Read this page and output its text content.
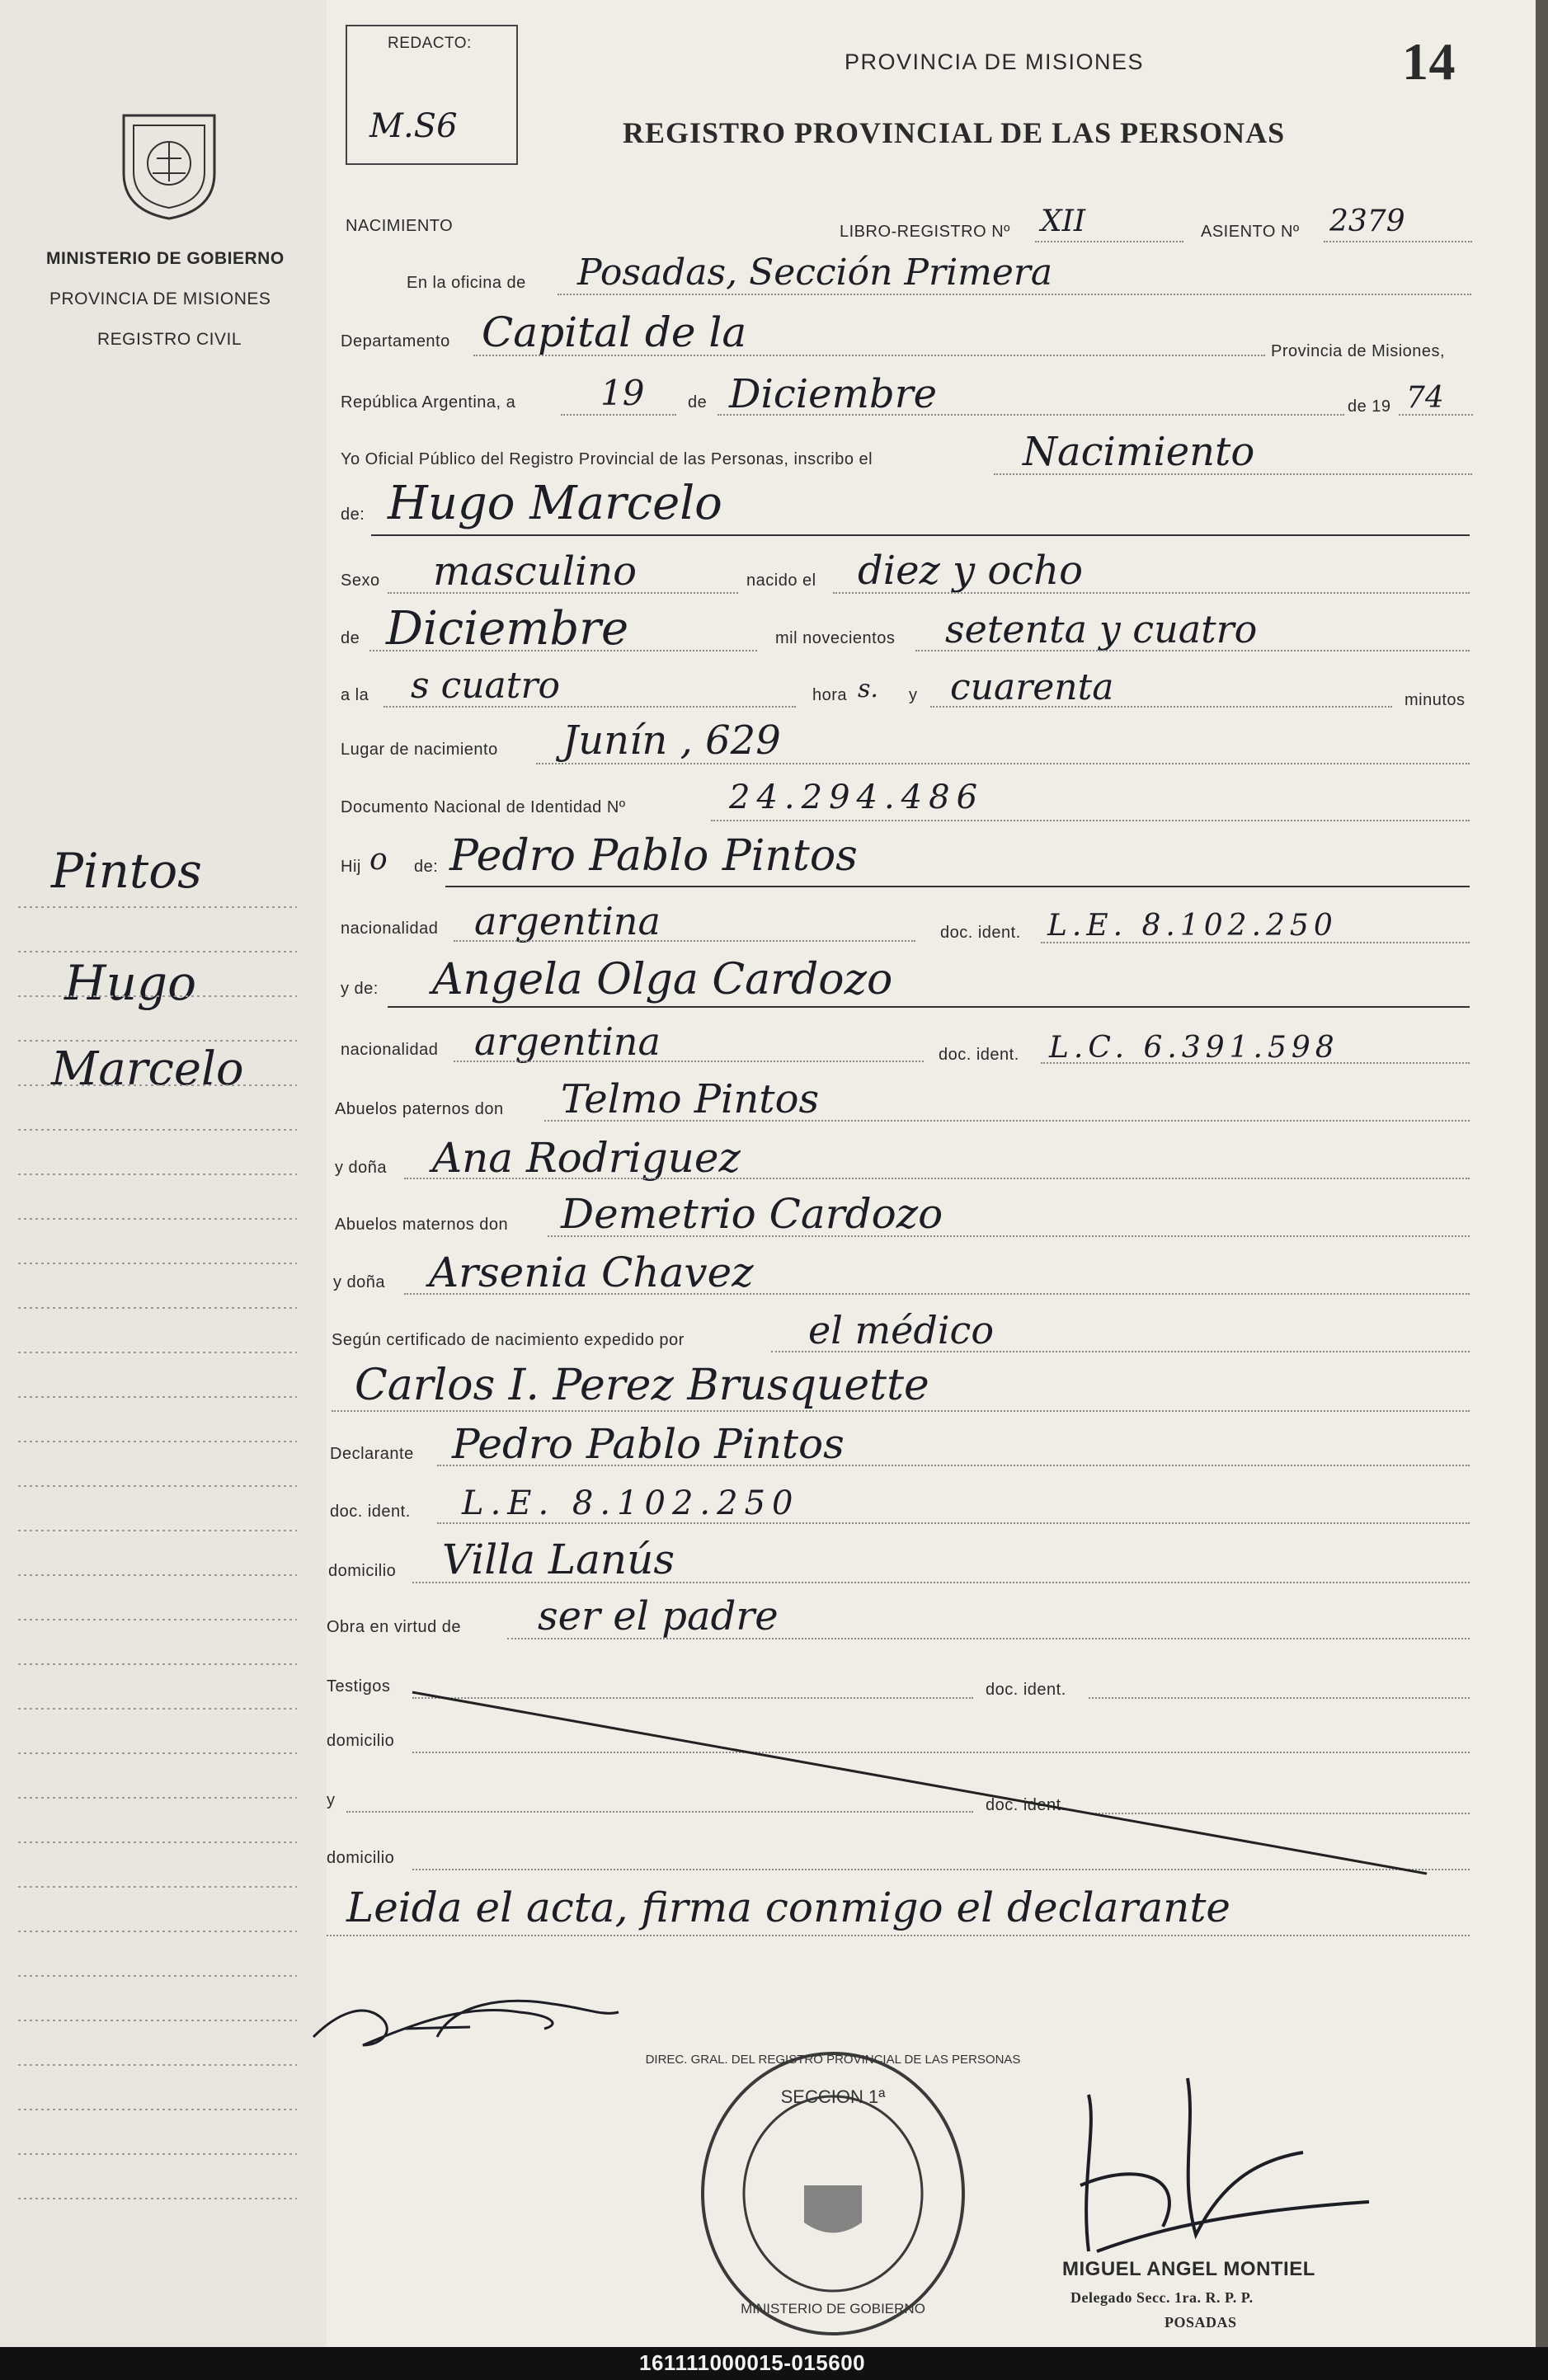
MINISTERIO DE GOBIERNO
PROVINCIA DE MISIONES
REGISTRO CIVIL
Pintos
Hugo
Marcelo
REDACTO:
M.S6
PROVINCIA DE MISIONES
REGISTRO PROVINCIAL DE LAS PERSONAS
14
NACIMIENTO	LIBRO-REGISTRO Nº XII	ASIENTO Nº 2379
En la oficina de Posadas, Sección Primera
Departamento Capital de la	Provincia de Misiones,
República Argentina, a 19	de Diciembre	de 19 74
Yo Oficial Público del Registro Provincial de las Personas, inscribo el	Nacimiento
de: Hugo Marcelo
Sexo masculino	nacido el diez y ocho
de Diciembre	mil novecientos setenta y cuatro
a la s cuatro	hora s. y cuarenta	minutos
Lugar de nacimiento Junín , 629
Documento Nacional de Identidad Nº	24.294.486
Hij o de: Pedro Pablo Pintos
nacionalidad argentina	doc. ident. L.E. 8.102.250
y de: Angela Olga Cardozo
nacionalidad argentina	doc. ident. L.C. 6.391.598
Abuelos paternos don Telmo Pintos
y doña Ana Rodriguez
Abuelos maternos don Demetrio Cardozo
y doña Arsenia Chavez
Según certificado de nacimiento expedido por	el médico
Carlos I. Perez Brusquette
Declarante Pedro Pablo Pintos
doc. ident. L.E. 8.102.250
domicilio Villa Lanús
Obra en virtud de ser el padre
Testigos	doc. ident.
domicilio
y	doc. ident.
domicilio
Leida el acta, firma conmigo el declarante
SECCION 1ª
MINISTERIO DE GOBIERNO
DIREC. GRAL. DEL REGISTRO PROVINCIAL DE LAS PERSONAS
MIGUEL ANGEL MONTIEL
Delegado Secc. 1ra. R. P. P.
POSADAS
161111000015-015600
